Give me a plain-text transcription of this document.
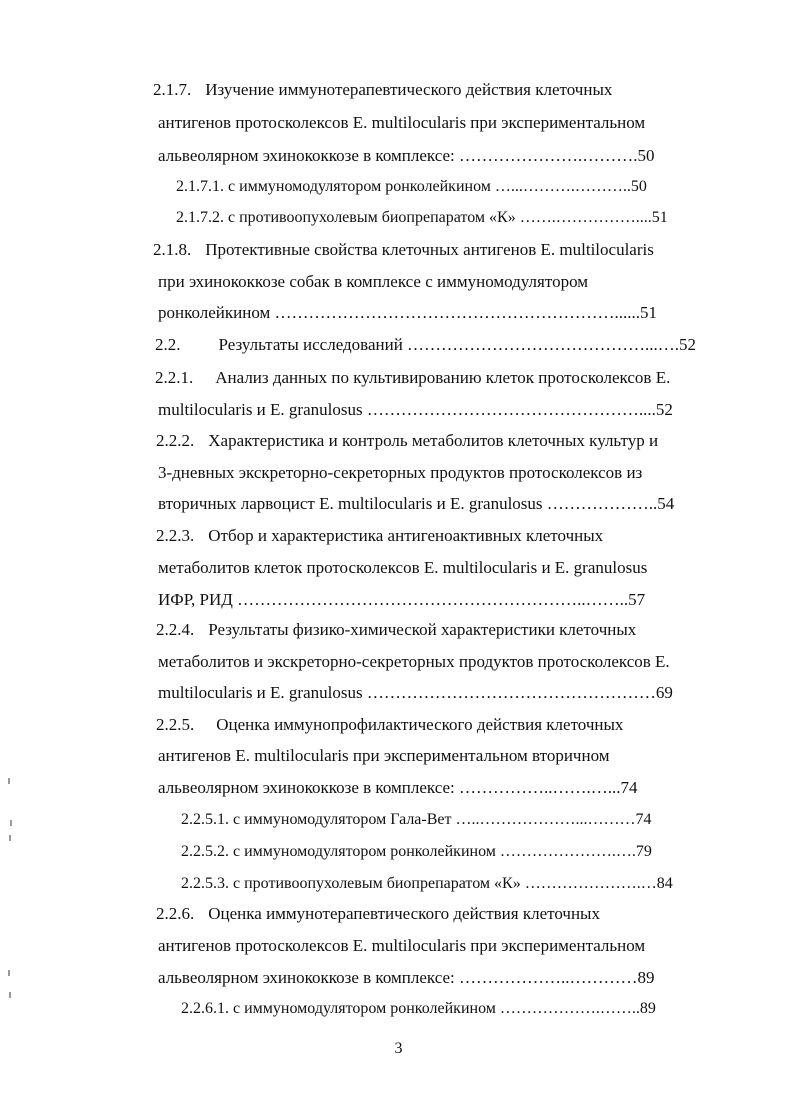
2.1.7. Изучение иммунотерапевтического действия клеточных
антигенов протосколексов E. multilocularis при экспериментальном
альвеолярном эхинококкозе в комплексе: ………………….……….50
2.1.7.1. с иммуномодулятором ронколейкином …...……….………..50
2.1.7.2. с противоопухолевым биопрепаратом «К» …….……………....51
2.1.8. Протективные свойства клеточных антигенов E. multilocularis
при эхинококкозе собак в комплексе с иммуномодулятором
ронколейкином ……………………………………………………......51
2.2. Результаты исследований ……………………………………...….52
2.2.1. Анализ данных по культивированию клеток протосколексов E.
multilocularis и E. granulosus …………………………………………....52
2.2.2. Характеристика и контроль метаболитов клеточных культур и
3-дневных экскреторно-секреторных продуктов протосколексов из
вторичных ларвоцист E. multilocularis и E. granulosus ………………..54
2.2.3. Отбор и характеристика антигеноактивных клеточных
метаболитов клеток протосколексов E. multilocularis и E. granulosus
ИФР, РИД ……………………………………………………..……..57
2.2.4. Результаты физико-химической характеристики клеточных
метаболитов и экскреторно-секреторных продуктов протосколексов E.
multilocularis и E. granulosus ……………………………………………69
2.2.5. Оценка иммунопрофилактического действия клеточных
антигенов E. multilocularis при экспериментальном вторичном
альвеолярном эхинококкозе в комплексе: ……………..…….…...74
2.2.5.1. с иммуномодулятором Гала-Вет …..………………...………74
2.2.5.2. с иммуномодулятором ронколейкином ………………….….79
2.2.5.3. с противоопухолевым биопрепаратом «К» ………………….…84
2.2.6. Оценка иммунотерапевтического действия клеточных
антигенов протосколексов E. multilocularis при экспериментальном
альвеолярном эхинококкозе в комплексе: ………………..…………89
2.2.6.1. с иммуномодулятором ронколейкином ……………….……..89
3
